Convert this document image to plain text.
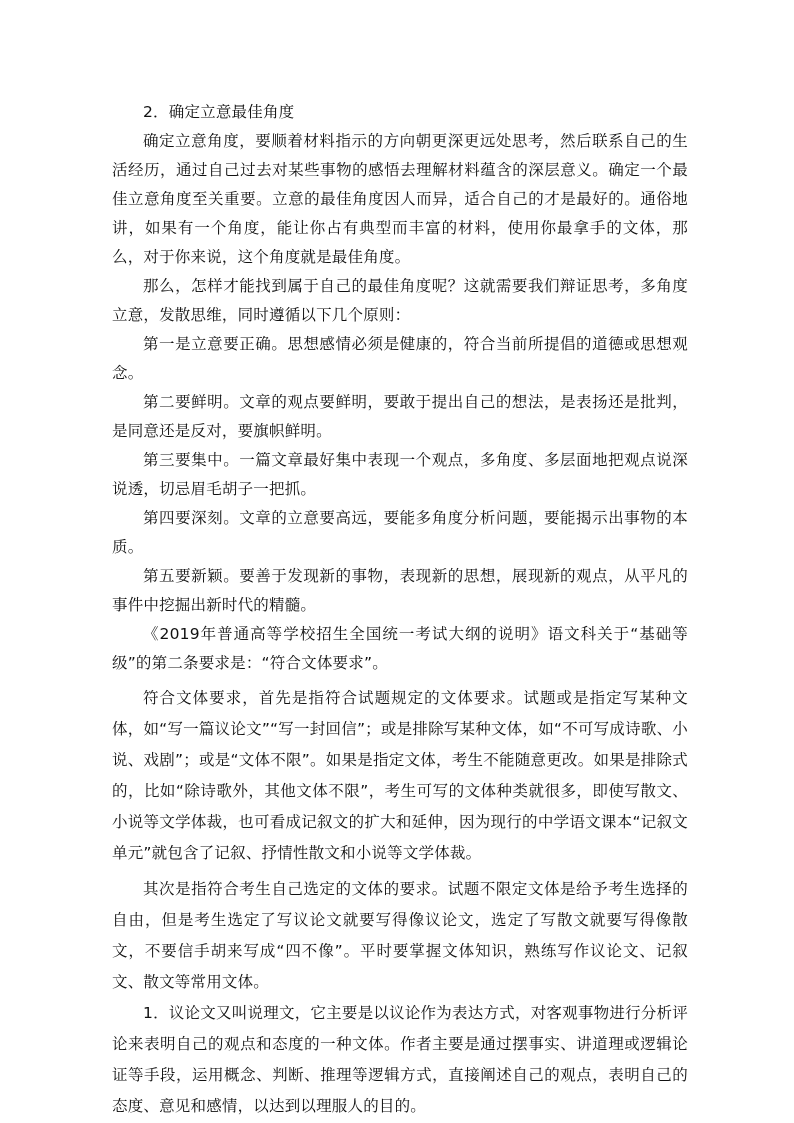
2．确定立意最佳角度

确定立意角度，要顺着材料指示的方向朝更深更远处思考，然后联系自己的生活经历，通过自己过去对某些事物的感悟去理解材料蕴含的深层意义。确定一个最佳立意角度至关重要。立意的最佳角度因人而异，适合自己的才是最好的。通俗地讲，如果有一个角度，能让你占有典型而丰富的材料，使用你最拿手的文体，那么，对于你来说，这个角度就是最佳角度。

那么，怎样才能找到属于自己的最佳角度呢？这就需要我们辩证思考，多角度立意，发散思维，同时遵循以下几个原则：

第一是立意要正确。思想感情必须是健康的，符合当前所提倡的道德或思想观念。

第二要鲜明。文章的观点要鲜明，要敢于提出自己的想法，是表扬还是批判，是同意还是反对，要旗帜鲜明。

第三要集中。一篇文章最好集中表现一个观点，多角度、多层面地把观点说深说透，切忌眉毛胡子一把抓。

第四要深刻。文章的立意要高远，要能多角度分析问题，要能揭示出事物的本质。

第五要新颖。要善于发现新的事物，表现新的思想，展现新的观点，从平凡的事件中挖掘出新时代的精髓。

《2019年普通高等学校招生全国统一考试大纲的说明》语文科关于“基础等级”的第二条要求是：“符合文体要求”。

符合文体要求，首先是指符合试题规定的文体要求。试题或是指定写某种文体，如“写一篇议论文”“写一封回信”；或是排除写某种文体，如“不可写成诗歌、小说、戏剧”；或是“文体不限”。如果是指定文体，考生不能随意更改。如果是排除式的，比如“除诗歌外，其他文体不限”，考生可写的文体种类就很多，即使写散文、小说等文学体裁，也可看成记叙文的扩大和延伸，因为现行的中学语文课本“记叙文单元”就包含了记叙、抒情性散文和小说等文学体裁。

其次是指符合考生自己选定的文体的要求。试题不限定文体是给予考生选择的自由，但是考生选定了写议论文就要写得像议论文，选定了写散文就要写得像散文，不要信手胡来写成“四不像”。平时要掌握文体知识，熟练写作议论文、记叙文、散文等常用文体。

1．议论文又叫说理文，它主要是以议论作为表达方式，对客观事物进行分析评论来表明自己的观点和态度的一种文体。作者主要是通过摆事实、讲道理或逻辑论证等手段，运用概念、判断、推理等逻辑方式，直接阐述自己的观点，表明自己的态度、意见和感情，以达到以理服人的目的。
